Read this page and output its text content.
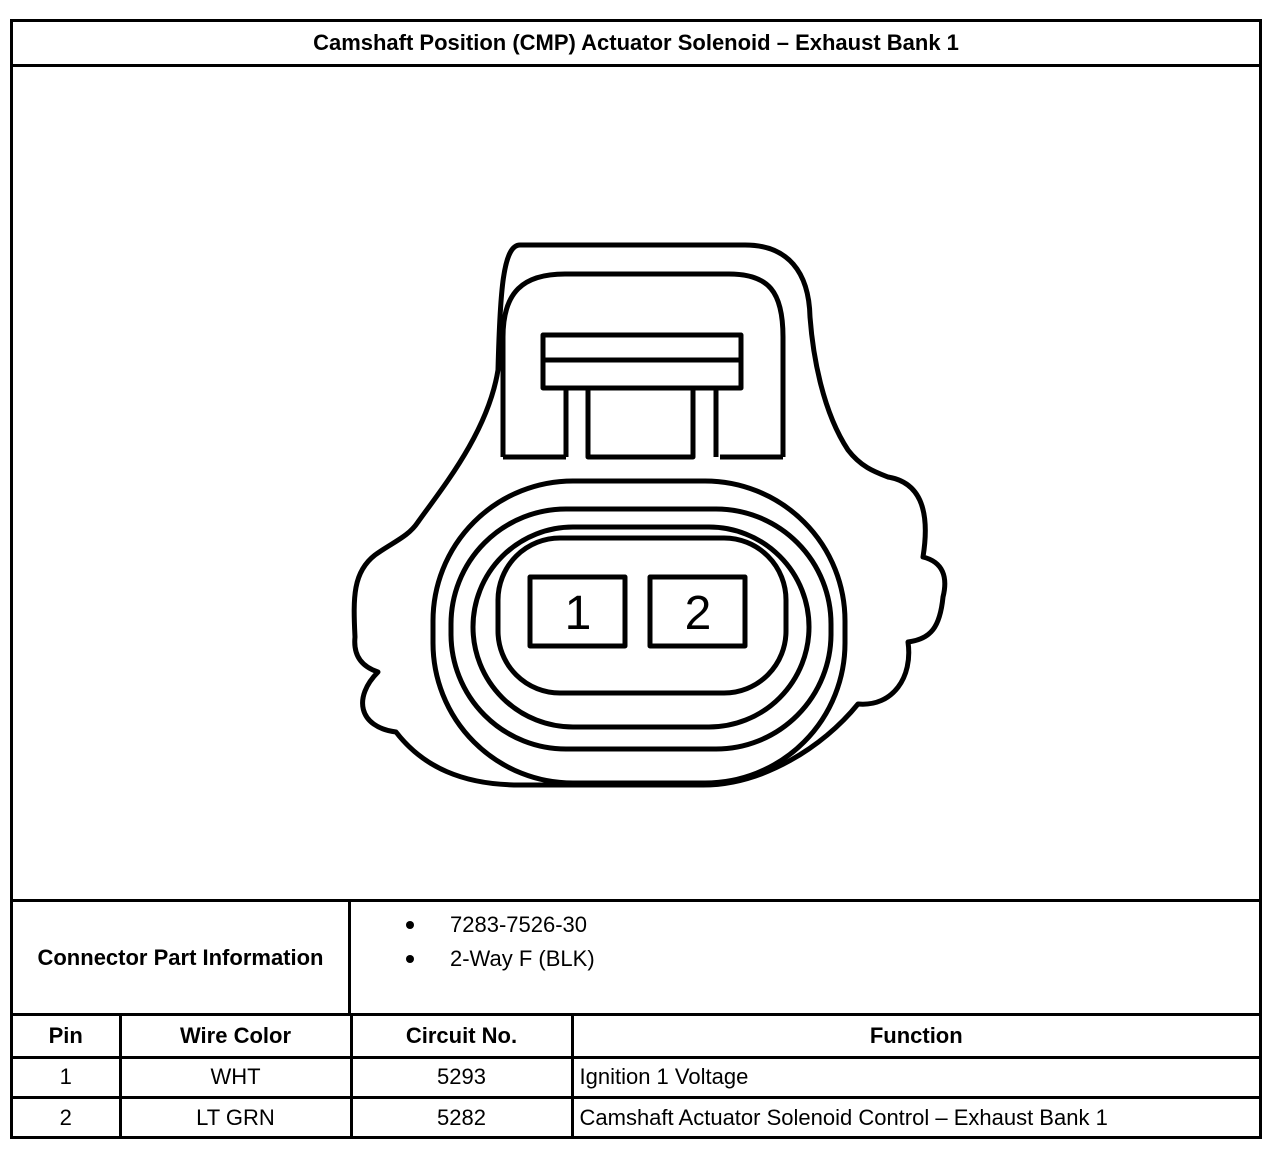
Camshaft Position (CMP) Actuator Solenoid – Exhaust Bank 1
1 2
Connector Part Information
7283-7526-30
2-Way F (BLK)
Pin	Wire Color	Circuit No.	Function
1	WHT	5293	Ignition 1 Voltage
2	LT GRN	5282	Camshaft Actuator Solenoid Control – Exhaust Bank 1
